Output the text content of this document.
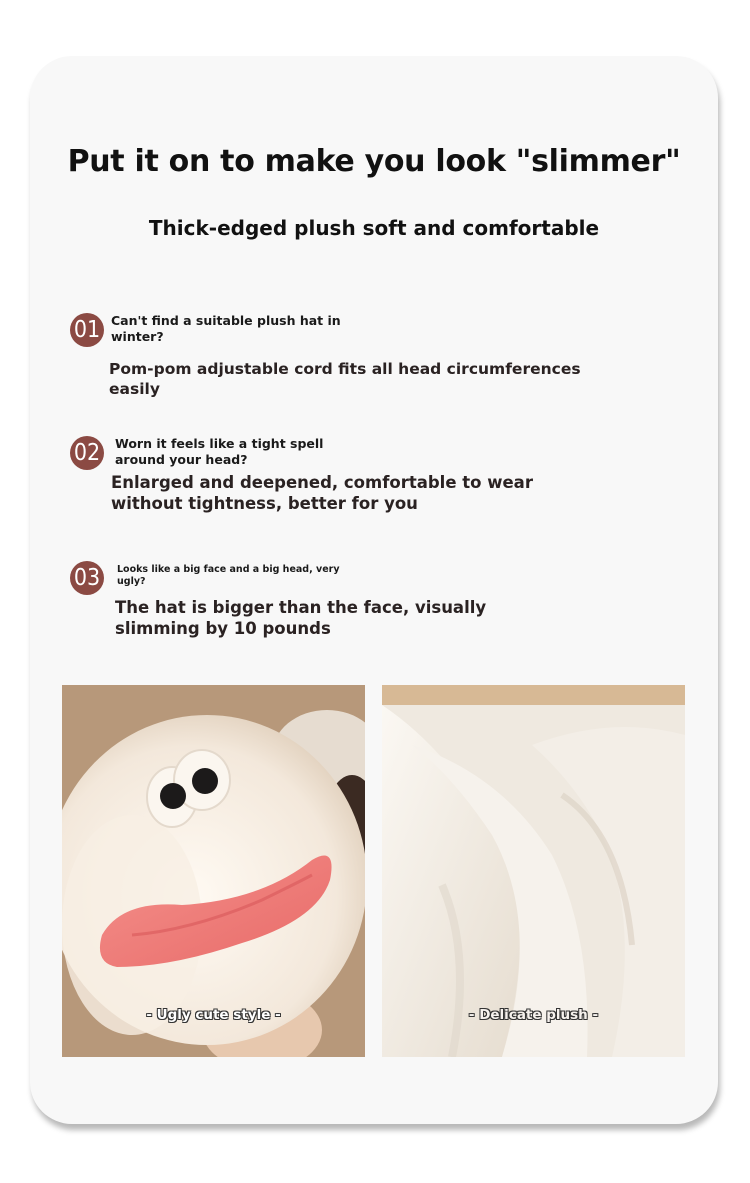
Put it on to make you look "slimmer"
Thick-edged plush soft and comfortable
01 Can't find a suitable plush hat in winter?
Pom-pom adjustable cord fits all head circumferences easily
02	Worn it feels like a tight spell around your head?
Enlarged and deepened, comfortable to wear without tightness, better for you
03	Looks like a big face and a big head, very ugly?
The hat is bigger than the face, visually slimming by 10 pounds
- Ugly cute style -	- Delicate plush -
